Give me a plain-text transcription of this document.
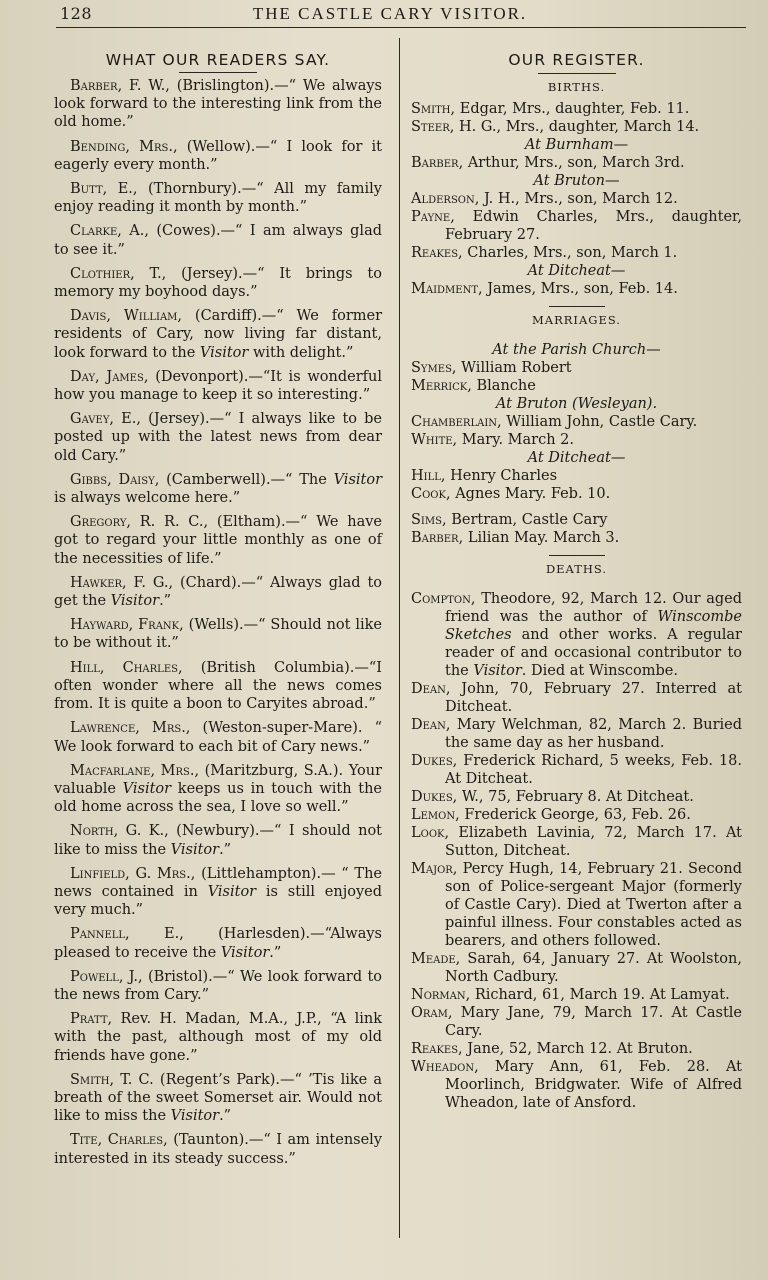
128	THE CASTLE CARY VISITOR.
WHAT OUR READERS SAY.

Barber, F. W., (Brislington).—“ We always look forward to the interesting link from the old home.”

Bending, Mrs., (Wellow).—“ I look for it eagerly every month.”

Butt, E., (Thornbury).—“ All my family enjoy reading it month by month.”

Clarke, A., (Cowes).—“ I am always glad to see it.”

Clothier, T., (Jersey).—“ It brings to memory my boyhood days.”

Davis, William, (Cardiff).—“ We former residents of Cary, now living far distant, look forward to the Visitor with delight.”

Day, James, (Devonport).—“It is wonderful how you manage to keep it so interesting.”

Gavey, E., (Jersey).—“ I always like to be posted up with the latest news from dear old Cary.”

Gibbs, Daisy, (Camberwell).—“ The Visitor is always welcome here.”

Gregory, R. R. C., (Eltham).—“ We have got to regard your little monthly as one of the necessities of life.”

Hawker, F. G., (Chard).—“ Always glad to get the Visitor.”

Hayward, Frank, (Wells).—“ Should not like to be without it.”

Hill, Charles, (British Columbia).—“I often wonder where all the news comes from. It is quite a boon to Caryites abroad.”

Lawrence, Mrs., (Weston-super-Mare). “ We look forward to each bit of Cary news.”

Macfarlane, Mrs., (Maritzburg, S.A.). Your valuable Visitor keeps us in touch with the old home across the sea, I love so well.”

North, G. K., (Newbury).—“ I should not like to miss the Visitor.”

Linfield, G. Mrs., (Littlehampton).— “ The news contained in Visitor is still enjoyed very much.”

Pannell, E., (Harlesden).—“Always pleased to receive the Visitor.”

Powell, J., (Bristol).—“ We look forward to the news from Cary.”

Pratt, Rev. H. Madan, M.A., J.P., “A link with the past, although most of my old friends have gone.”

Smith, T. C. (Regent’s Park).—“ ’Tis like a breath of the sweet Somerset air. Would not like to miss the Visitor.”

Tite, Charles, (Taunton).—“ I am intensely interested in its steady success.”

OUR REGISTER.
BIRTHS.
Smith, Edgar, Mrs., daughter, Feb. 11.
Steer, H. G., Mrs., daughter, March 14.
At Burnham—
Barber, Arthur, Mrs., son, March 3rd.
At Bruton—
Alderson, J. H., Mrs., son, March 12.
Payne, Edwin Charles, Mrs., daughter, February 27.
Reakes, Charles, Mrs., son, March 1.
At Ditcheat—
Maidment, James, Mrs., son, Feb. 14.
MARRIAGES.
At the Parish Church—
Symes, William Robert
Merrick, Blanche
At Bruton (Wesleyan).
Chamberlain, William John, Castle Cary.
White, Mary. March 2.
At Ditcheat—
Hill, Henry Charles
Cook, Agnes Mary. Feb. 10.
Sims, Bertram, Castle Cary
Barber, Lilian May. March 3.
DEATHS.
Compton, Theodore, 92, March 12. Our aged friend was the author of Winscombe Sketches and other works. A regular reader of and occasional contributor to the Visitor. Died at Winscombe.
Dean, John, 70, February 27. Interred at Ditcheat.
Dean, Mary Welchman, 82, March 2. Buried the same day as her husband.
Dukes, Frederick Richard, 5 weeks, Feb. 18. At Ditcheat.
Dukes, W., 75, February 8. At Ditcheat.
Lemon, Frederick George, 63, Feb. 26.
Look, Elizabeth Lavinia, 72, March 17. At Sutton, Ditcheat.
Major, Percy Hugh, 14, February 21. Second son of Police-sergeant Major (formerly of Castle Cary). Died at Twerton after a painful illness. Four constables acted as bearers, and others followed.
Meade, Sarah, 64, January 27. At Woolston, North Cadbury.
Norman, Richard, 61, March 19. At Lamyat.
Oram, Mary Jane, 79, March 17. At Castle Cary.
Reakes, Jane, 52, March 12. At Bruton.
Wheadon, Mary Ann, 61, Feb. 28. At Moorlinch, Bridgwater. Wife of Alfred Wheadon, late of Ansford.
